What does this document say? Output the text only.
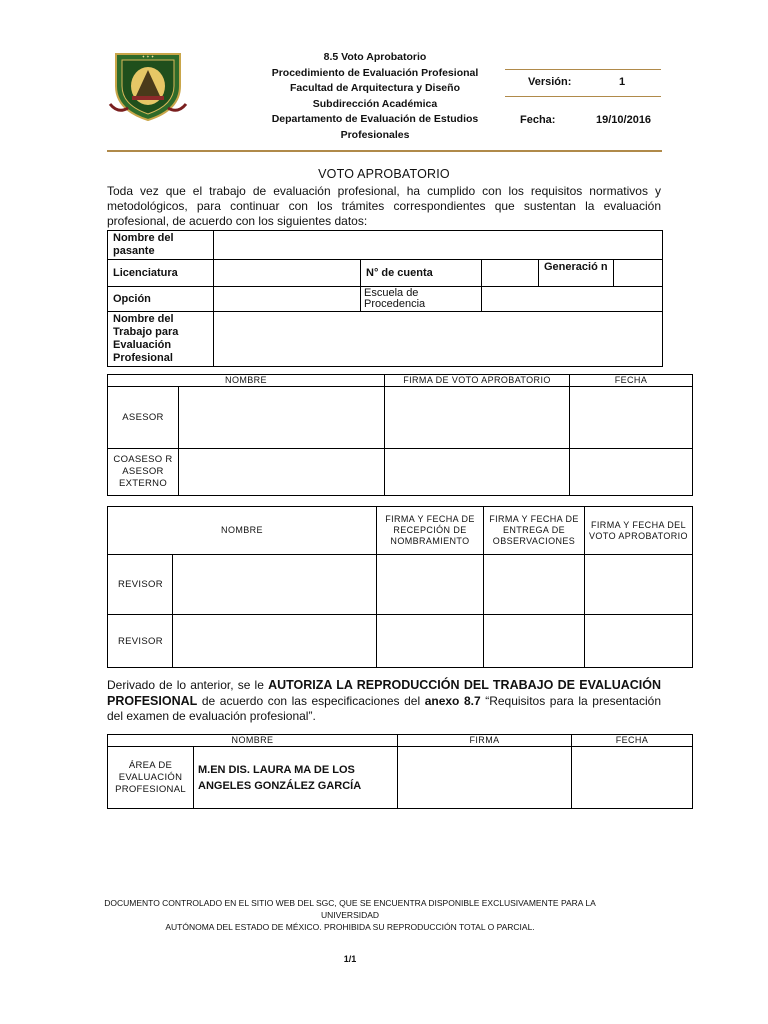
✦ ✦ ✦	8.5 Voto Aprobatorio
Procedimiento de Evaluación Profesional
Facultad de Arquitectura y Diseño
Subdirección Académica
Departamento de Evaluación de Estudios
Profesionales
Versión:	1
Fecha:	19/10/2016
VOTO APROBATORIO
Toda vez que el trabajo de evaluación profesional, ha cumplido con los requisitos normativos y metodológicos, para continuar con los trámites correspondientes que sustentan la evaluación profesional, de acuerdo con los siguientes datos:
Nombre del pasante					
Licenciatura		N° de cuenta		Generació n	
Opción		Escuela de Procedencia			
Nombre del Trabajo para Evaluación Profesional					
NOMBRE		FIRMA DE VOTO APROBATORIO	FECHA
ASESOR			
COASESO R ASESOR EXTERNO			
NOMBRE		FIRMA Y FECHA DE RECEPCIÓN DE NOMBRAMIENTO	FIRMA Y FECHA DE ENTREGA DE OBSERVACIONES	FIRMA Y FECHA DEL VOTO APROBATORIO
REVISOR				
REVISOR				
Derivado de lo anterior, se le AUTORIZA LA REPRODUCCIÓN DEL TRABAJO DE EVALUACIÓN PROFESIONAL de acuerdo con las especificaciones del anexo 8.7 “Requisitos para la presentación del examen de evaluación profesional”.
NOMBRE		FIRMA	FECHA
ÁREA DE EVALUACIÓN PROFESIONAL	M.EN DIS. LAURA MA DE LOS ANGELES GONZÁLEZ GARCÍA		
DOCUMENTO CONTROLADO EN EL SITIO WEB DEL SGC, QUE SE ENCUENTRA DISPONIBLE EXCLUSIVAMENTE PARA LA
UNIVERSIDAD
AUTÓNOMA DEL ESTADO DE MÉXICO. PROHIBIDA SU REPRODUCCIÓN TOTAL O PARCIAL.
1/1
